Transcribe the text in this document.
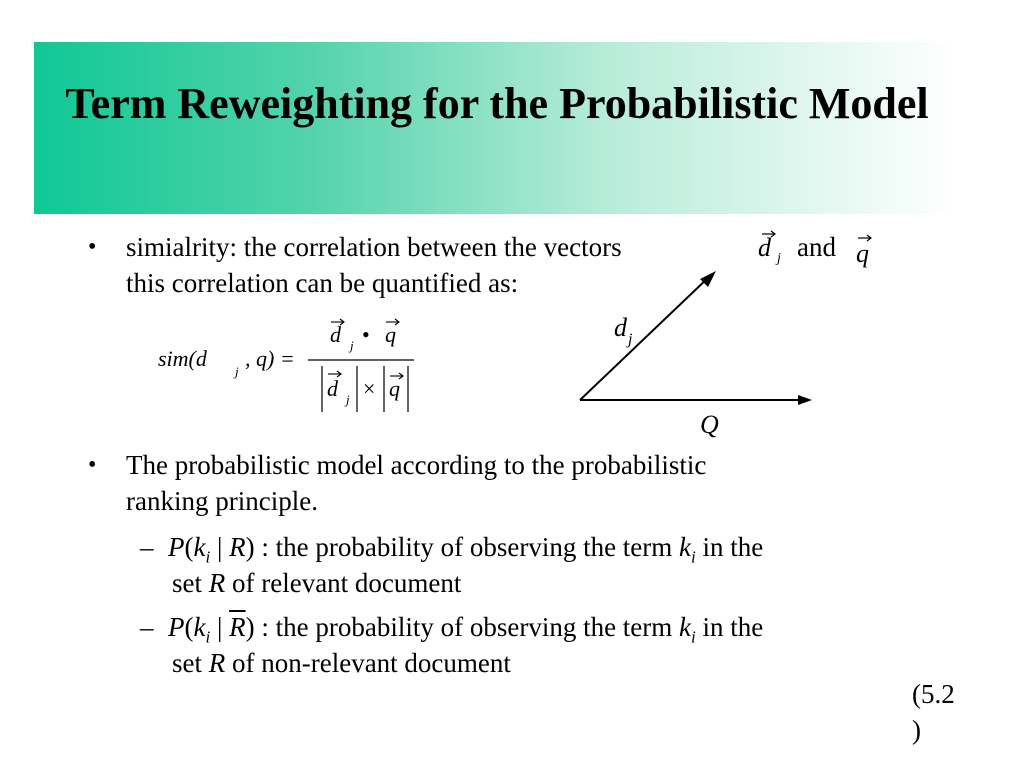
Term Reweighting for the Probabilistic Model
• simialrity: the correlation between the vectors	and
this correlation can be quantified as:
d j	q
sim(d
j
, q) =
d j • q
d j × q
d j
Q
• The probabilistic model according to the probabilistic
ranking principle.
– $P(k_i$ | R) : the probability of observing the term $k_i$ in the
set R of relevant document
– $P(k_i$ | $\overline{R}$) : the probability of observing the term $k_i$ in the
set R of non-relevant document
(5.2
)
